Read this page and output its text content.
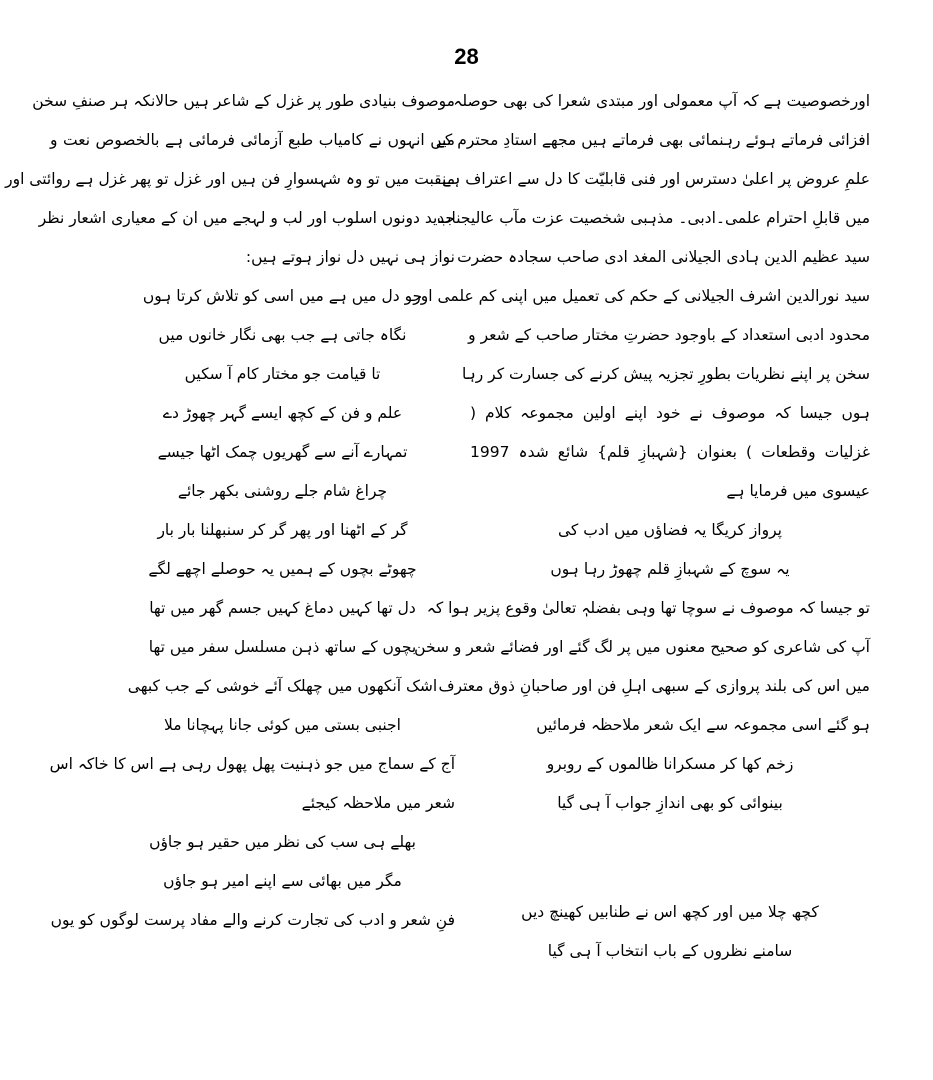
28
اورخصوصیت ہے کہ آپ معمولی اور مبتدی شعرا کی بھی حوصلہ
افزائی فرماتے ہوئے رہنمائی بھی فرماتے ہیں مجھے استادِ محترم کے
علمِ عروض پر اعلیٰ دسترس اور فنی قابلیّت کا دل سے اعتراف ہے
میں قابلِ احترام علمی۔ادبی۔ مذہبی شخصیت عزت مآب عالیجناب
سید عظیم الدین ہادی الجیلانی المغد ادی صاحب سجادہ حضرت
سید نورالدین اشرف الجیلانی کے حکم کی تعمیل میں اپنی کم علمی اور
محدود ادبی استعداد کے باوجود حضرتِ مختار صاحب کے شعر و
سخن پر اپنے نظریات بطورِ تجزیہ پیش کرنے کی جسارت کر رہا
ہوں جیسا کہ موصوف نے خود اپنے اولین مجموعہ کلام (
غزلیات وقطعات ) بعنوان {شہبازِ قلم} شائع شدہ 1997
عیسوی میں فرمایا ہے
پرواز کریگا یہ فضاؤں میں ادب کی
یہ سوچ کے شہبازِ قلم چھوڑ رہا ہوں
تو جیسا کہ موصوف نے سوچا تھا وہی بفضلہٖ تعالیٰ وقوع پزیر ہوا کہ
آپ کی شاعری کو صحیح معنوں میں پر لگ گئے اور فضائے شعر و سخن
میں اس کی بلند پروازی کے سبھی اہلِ فن اور صاحبانِ ذوق معترف
ہو گئے اسی مجموعہ سے ایک شعر ملاحظہ فرمائیں
زخم کھا کر مسکرانا ظالموں کے روبرو
بینوائی کو بھی اندازِ جواب آ ہی گیا
کچھ چلا میں اور کچھ اس نے طنابیں کھینچ دیں
سامنے نظروں کے باب انتخاب آ ہی گیا
موصوف بنیادی طور پر غزل کے شاعر ہیں حالانکہ ہر صنفِ سخن
میں انہوں نے کامیاب طبع آزمائی فرمائی ہے بالخصوص نعت و
منقبت میں تو وہ شہسوارِ فن ہیں اور غزل تو پھر غزل ہے روائتی اور
جدید دونوں اسلوب اور لب و لہجے میں ان کے معیاری اشعار نظر
نواز ہی نہیں دل نواز ہوتے ہیں:
جو دل میں ہے میں اسی کو تلاش کرتا ہوں
نگاہ جاتی ہے جب بھی نگار خانوں میں
تا قیامت جو مختار کام آ سکیں
علم و فن کے کچھ ایسے گہر چھوڑ دے
تمہارے آنے سے گھریوں چمک اٹھا جیسے
چراغ شام جلے روشنی بکھر جائے
گر کے اٹھنا اور پھر گر کر سنبھلنا بار بار
چھوٹے بچوں کے ہمیں یہ حوصلے اچھے لگے
دل تھا کہیں دماغ کہیں جسم گھر میں تھا
بچوں کے ساتھ ذہن مسلسل سفر میں تھا
اشک آنکھوں میں چھلک آئے خوشی کے جب کبھی
اجنبی بستی میں کوئی جانا پہچانا ملا
آج کے سماج میں جو ذہنیت پھل پھول رہی ہے اس کا خاکہ اس
شعر میں ملاحظہ کیجئے
بھلے ہی سب کی نظر میں حقیر ہو جاؤں
مگر میں بھائی سے اپنے امیر ہو جاؤں
فنِ شعر و ادب کی تجارت کرنے والے مفاد پرست لوگوں کو یوں
